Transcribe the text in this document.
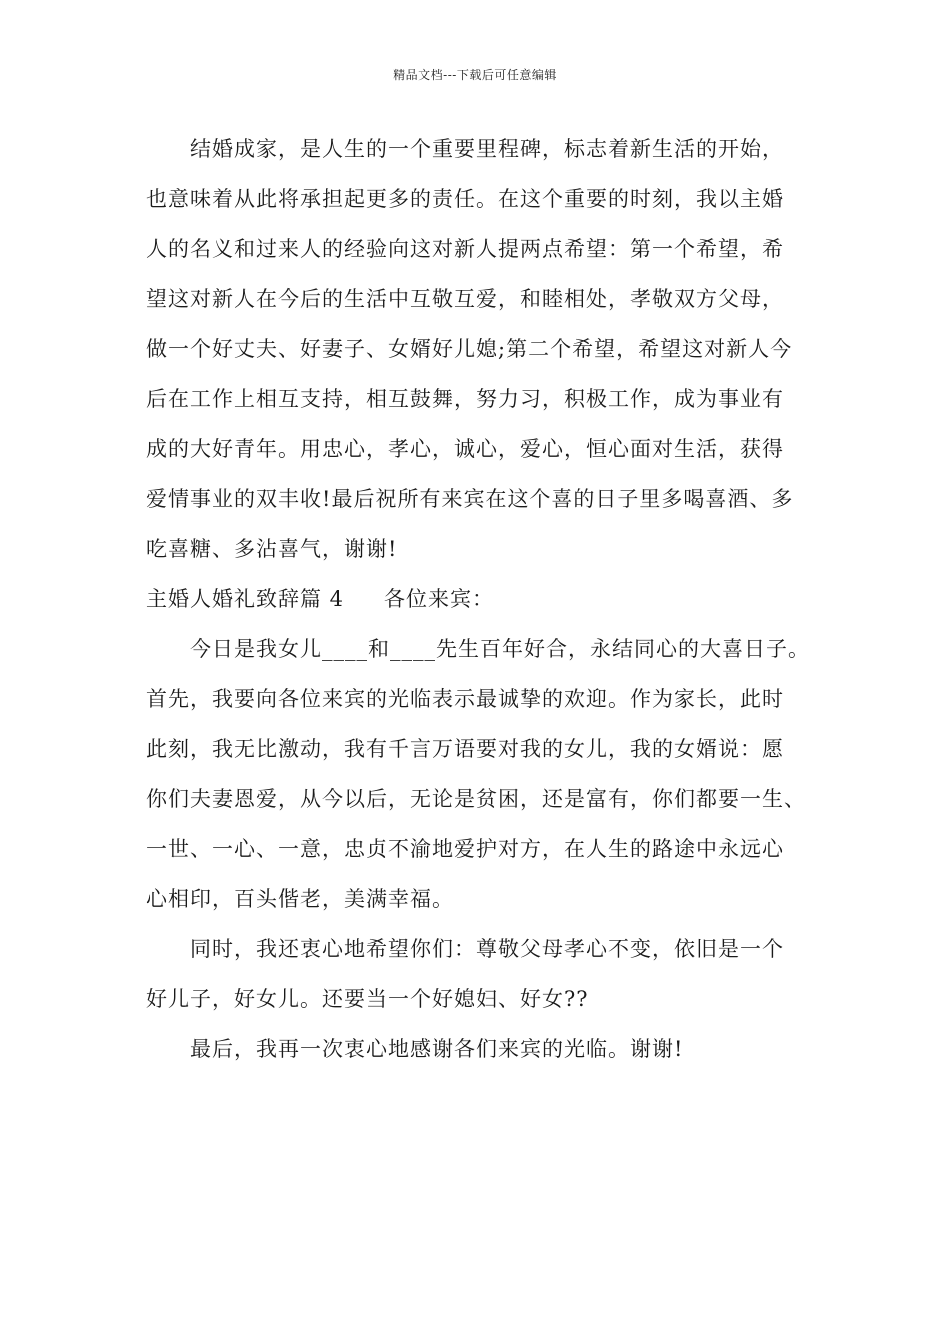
精品文档---下载后可任意编辑
结婚成家，是人生的一个重要里程碑，标志着新生活的开始，
也意味着从此将承担起更多的责任。在这个重要的时刻，我以主婚
人的名义和过来人的经验向这对新人提两点希望：第一个希望，希
望这对新人在今后的生活中互敬互爱，和睦相处，孝敬双方父母，
做一个好丈夫、好妻子、女婿好儿媳;第二个希望，希望这对新人今
后在工作上相互支持，相互鼓舞，努力习，积极工作，成为事业有
成的大好青年。用忠心，孝心，诚心，爱心，恒心面对生活，获得
爱情事业的双丰收!最后祝所有来宾在这个喜的日子里多喝喜酒、多
吃喜糖、多沾喜气，谢谢!
主婚人婚礼致辞篇 4 各位来宾：
今日是我女儿____和____先生百年好合，永结同心的大喜日子。
首先，我要向各位来宾的光临表示最诚挚的欢迎。作为家长，此时
此刻，我无比激动，我有千言万语要对我的女儿，我的女婿说：愿
你们夫妻恩爱，从今以后，无论是贫困，还是富有，你们都要一生、
一世、一心、一意，忠贞不渝地爱护对方，在人生的路途中永远心
心相印，百头偕老，美满幸福。
同时，我还衷心地希望你们：尊敬父母孝心不变，依旧是一个
好儿子，好女儿。还要当一个好媳妇、好女??
最后，我再一次衷心地感谢各们来宾的光临。谢谢!
